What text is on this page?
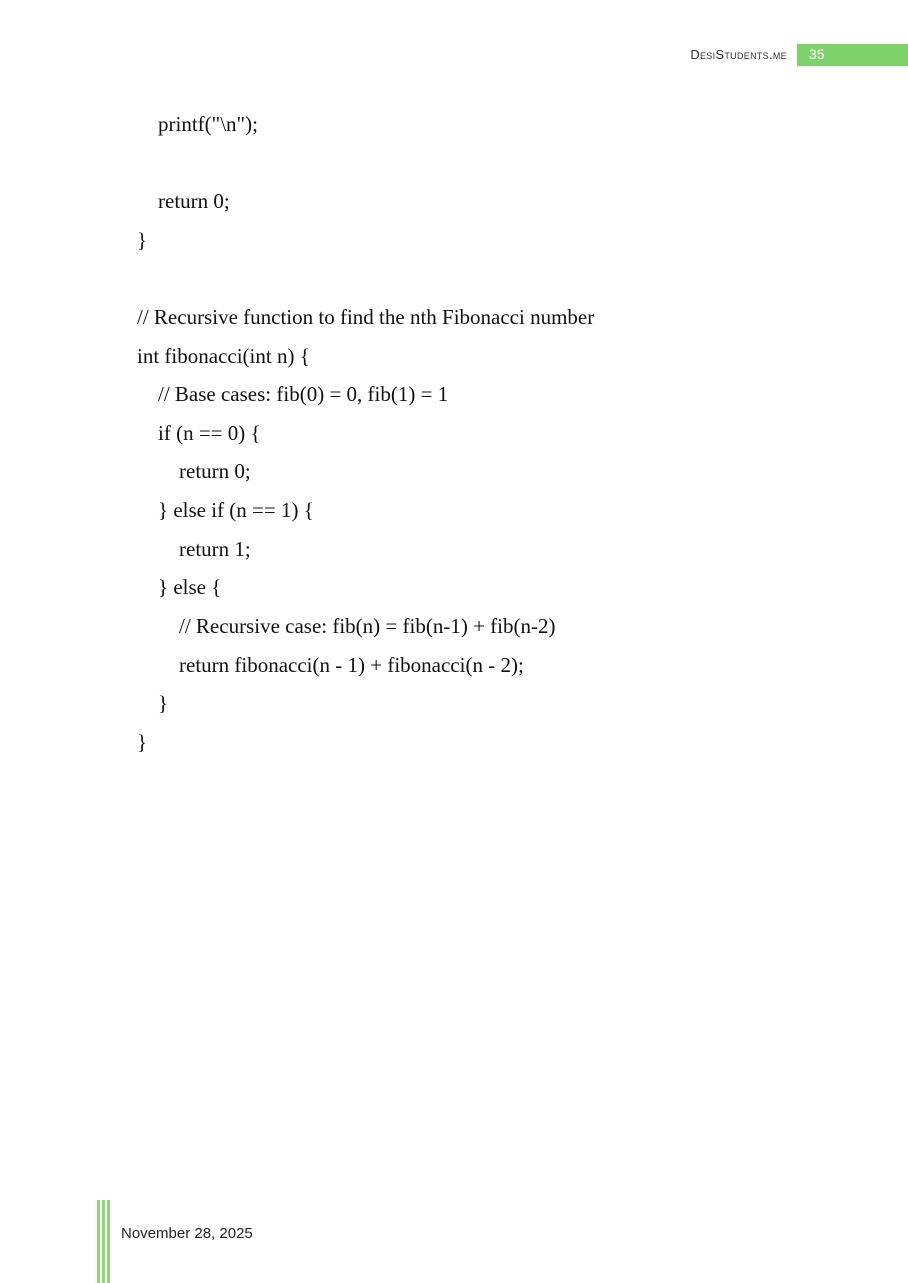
DesiStudents.me 35
printf("\n");
return 0;
}
// Recursive function to find the nth Fibonacci number
int fibonacci(int n) {
// Base cases: fib(0) = 0, fib(1) = 1
if (n == 0) {
return 0;
} else if (n == 1) {
return 1;
} else {
// Recursive case: fib(n) = fib(n-1) + fib(n-2)
return fibonacci(n - 1) + fibonacci(n - 2);
}
}
November 28, 2025
